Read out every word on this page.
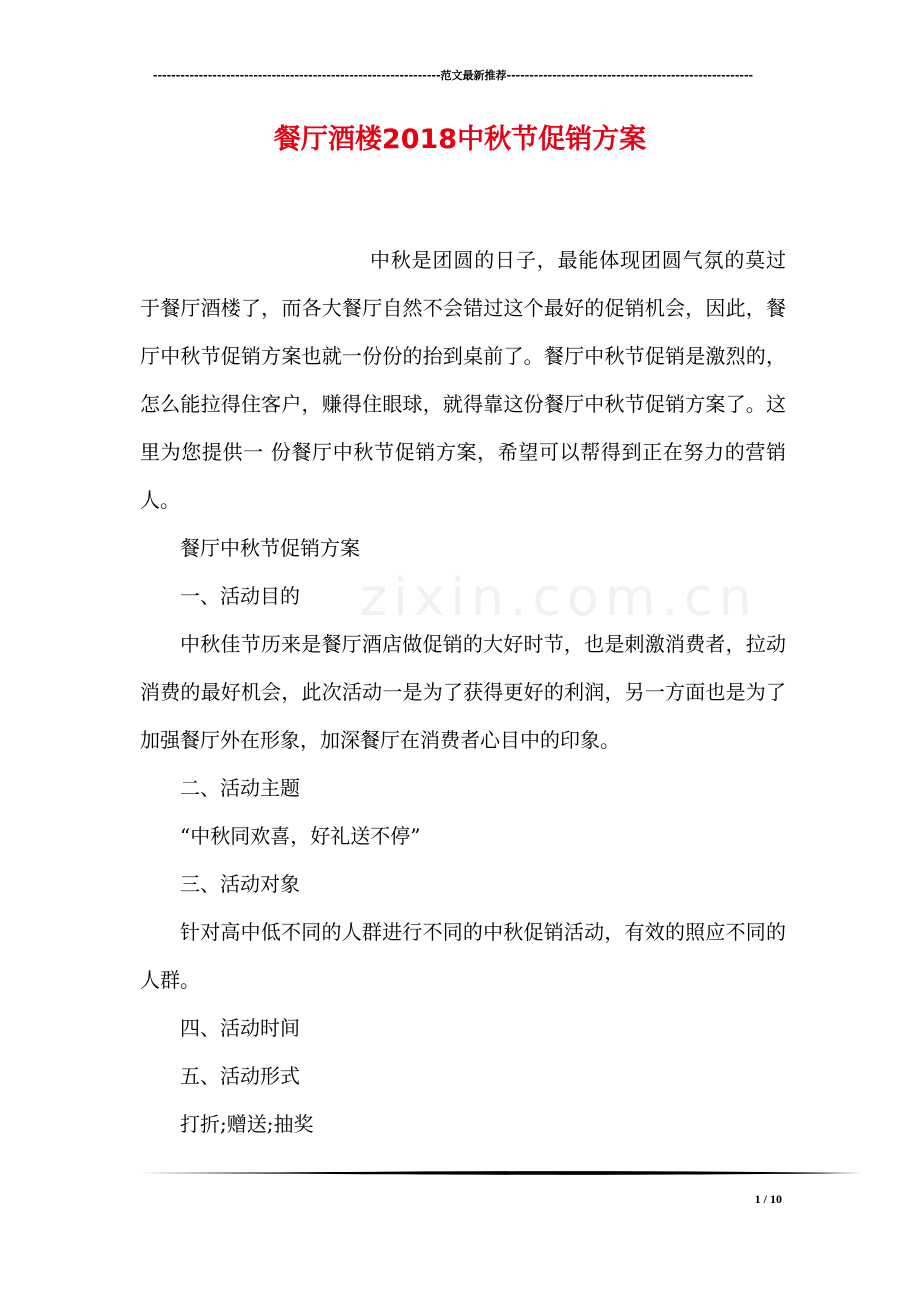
---------------------------------------------------------------范文最新推荐------------------------------------------------------
餐厅酒楼2018中秋节促销方案
zixin.com.cn

中秋是团圆的日子，最能体现团圆气氛的莫过于餐厅酒楼了，而各大餐厅自然不会错过这个最好的促销机会，因此，餐厅中秋节促销方案也就一份份的抬到桌前了。餐厅中秋节促销是激烈的，怎么能拉得住客户，赚得住眼球，就得靠这份餐厅中秋节促销方案了。这里为您提供一 份餐厅中秋节促销方案，希望可以帮得到正在努力的营销人。

餐厅中秋节促销方案

一、活动目的

中秋佳节历来是餐厅酒店做促销的大好时节，也是刺激消费者，拉动消费的最好机会，此次活动一是为了获得更好的利润，另一方面也是为了加强餐厅外在形象，加深餐厅在消费者心目中的印象。

二、活动主题

“中秋同欢喜，好礼送不停”

三、活动对象

针对高中低不同的人群进行不同的中秋促销活动，有效的照应不同的人群。

四、活动时间

五、活动形式

打折;赠送;抽奖

1 / 10
